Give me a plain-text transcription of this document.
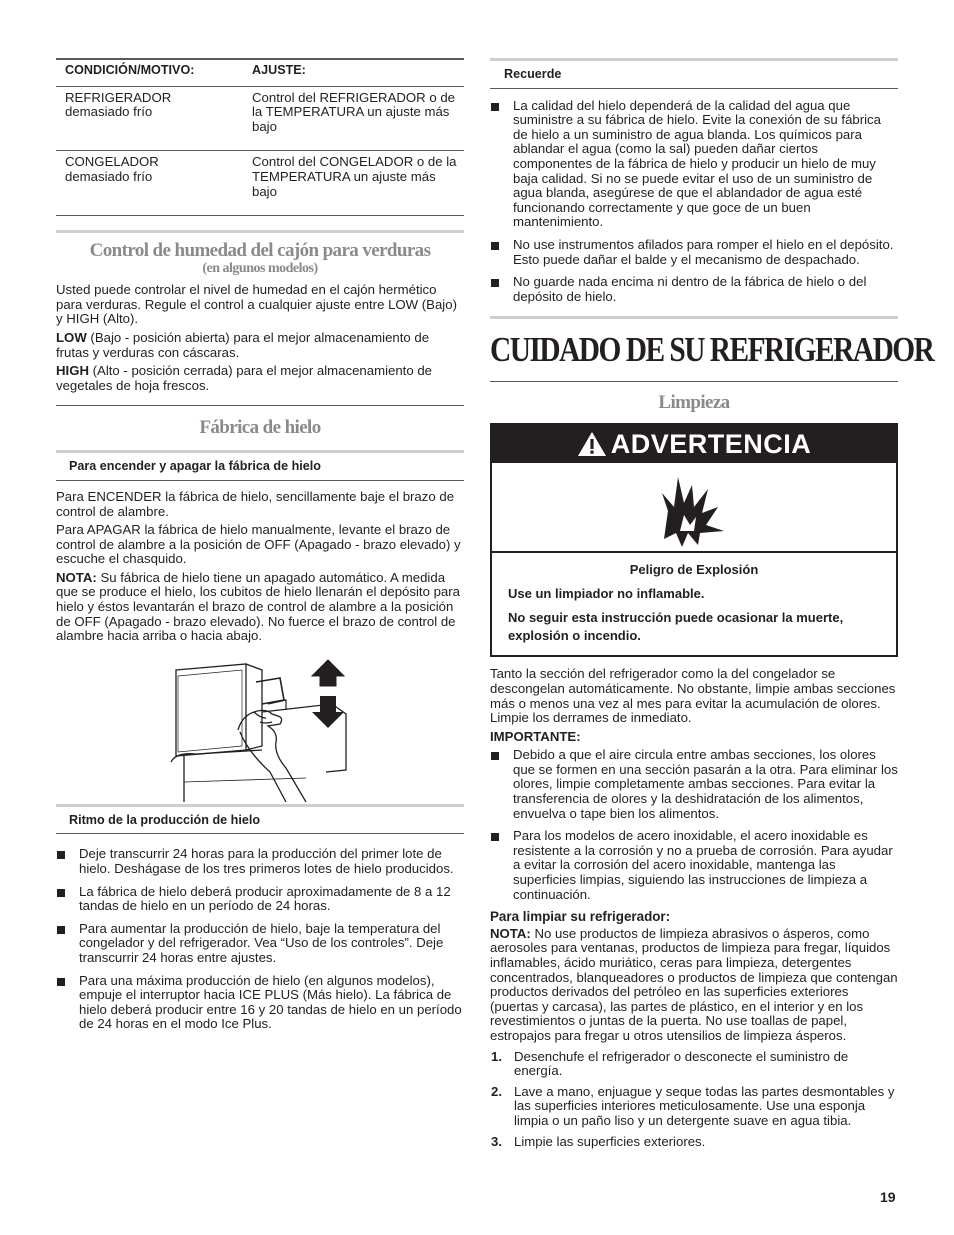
CONDICIÓN/MOTIVO:	AJUSTE:
REFRIGERADOR
demasiado frío
Control del REFRIGERADOR o de la TEMPERATURA un ajuste más bajo
CONGELADOR
demasiado frío
Control del CONGELADOR o de la TEMPERATURA un ajuste más bajo
Control de humedad del cajón para verduras
(en algunos modelos)

Usted puede controlar el nivel de humedad en el cajón hermético para verduras. Regule el control a cualquier ajuste entre LOW (Bajo) y HIGH (Alto).

LOW (Bajo - posición abierta) para el mejor almacenamiento de frutas y verduras con cáscaras.

HIGH (Alto - posición cerrada) para el mejor almacenamiento de vegetales de hoja frescos.

Fábrica de hielo
Para encender y apagar la fábrica de hielo

Para ENCENDER la fábrica de hielo, sencillamente baje el brazo de control de alambre.

Para APAGAR la fábrica de hielo manualmente, levante el brazo de control de alambre a la posición de OFF (Apagado - brazo elevado) y escuche el chasquido.

NOTA: Su fábrica de hielo tiene un apagado automático. A medida que se produce el hielo, los cubitos de hielo llenarán el depósito para hielo y éstos levantarán el brazo de control de alambre a la posición de OFF (Apagado - brazo elevado). No fuerce el brazo de control de alambre hacia arriba o hacia abajo.

Ritmo de la producción de hielo
Deje transcurrir 24 horas para la producción del primer lote de hielo. Deshágase de los tres primeros lotes de hielo producidos.
La fábrica de hielo deberá producir aproximadamente de 8 a 12 tandas de hielo en un período de 24 horas.
Para aumentar la producción de hielo, baje la temperatura del congelador y del refrigerador. Vea “Uso de los controles”. Deje transcurrir 24 horas entre ajustes.
Para una máxima producción de hielo (en algunos modelos), empuje el interruptor hacia ICE PLUS (Más hielo). La fábrica de hielo deberá producir entre 16 y 20 tandas de hielo en un período de 24 horas en el modo Ice Plus.
Recuerde
La calidad del hielo dependerá de la calidad del agua que suministre a su fábrica de hielo. Evite la conexión de su fábrica de hielo a un suministro de agua blanda. Los químicos para ablandar el agua (como la sal) pueden dañar ciertos componentes de la fábrica de hielo y producir un hielo de muy baja calidad. Si no se puede evitar el uso de un suministro de agua blanda, asegúrese de que el ablandador de agua esté funcionando correctamente y que goce de un buen mantenimiento.
No use instrumentos afilados para romper el hielo en el depósito. Esto puede dañar el balde y el mecanismo de despachado.
No guarde nada encima ni dentro de la fábrica de hielo o del depósito de hielo.
CUIDADO DE SU REFRIGERADOR
Limpieza
ADVERTENCIA
Peligro de Explosión
Use un limpiador no inflamable.
No seguir esta instrucción puede ocasionar la muerte, explosión o incendio.

Tanto la sección del refrigerador como la del congelador se descongelan automáticamente. No obstante, limpie ambas secciones más o menos una vez al mes para evitar la acumulación de olores. Limpie los derrames de inmediato.

IMPORTANTE:

Debido a que el aire circula entre ambas secciones, los olores que se formen en una sección pasarán a la otra. Para eliminar los olores, limpie completamente ambas secciones. Para evitar la transferencia de olores y la deshidratación de los alimentos, envuelva o tape bien los alimentos.
Para los modelos de acero inoxidable, el acero inoxidable es resistente a la corrosión y no a prueba de corrosión. Para ayudar a evitar la corrosión del acero inoxidable, mantenga las superficies limpias, siguiendo las instrucciones de limpieza a continuación.

Para limpiar su refrigerador:

NOTA: No use productos de limpieza abrasivos o ásperos, como aerosoles para ventanas, productos de limpieza para fregar, líquidos inflamables, ácido muriático, ceras para limpieza, detergentes concentrados, blanqueadores o productos de limpieza que contengan productos derivados del petróleo en las superficies exteriores (puertas y carcasa), las partes de plástico, en el interior y en los revestimientos o juntas de la puerta. No use toallas de papel, estropajos para fregar u otros utensilios de limpieza ásperos.

1. Desenchufe el refrigerador o desconecte el suministro de energía.
2. Lave a mano, enjuague y seque todas las partes desmontables y las superficies interiores meticulosamente. Use una esponja limpia o un paño liso y un detergente suave en agua tibia.
3. Limpie las superficies exteriores.
19
